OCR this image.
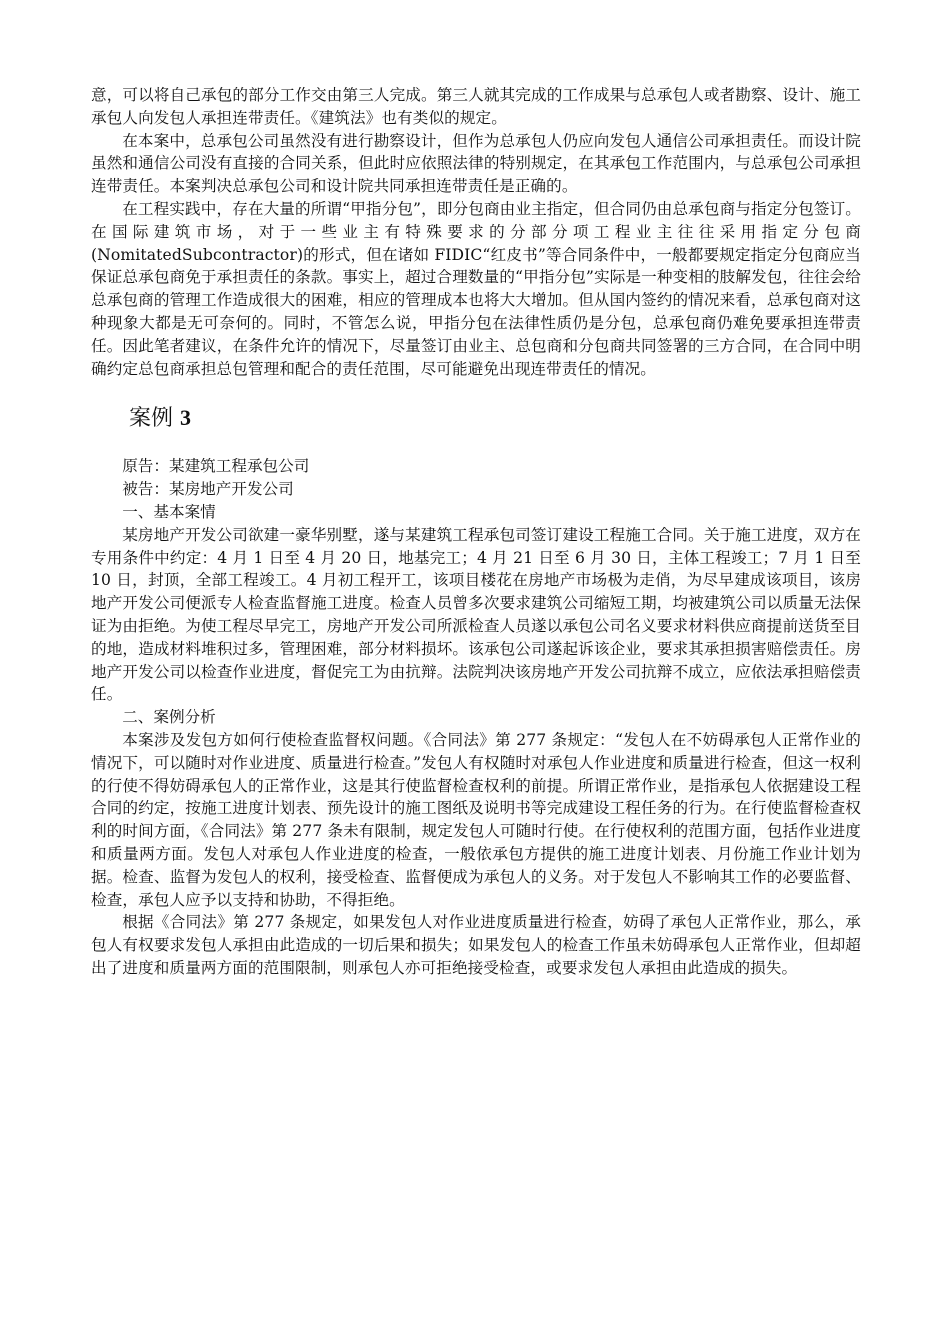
意，可以将自己承包的部分工作交由第三人完成。第三人就其完成的工作成果与总承包人或者勘察、设计、施工承包人向发包人承担连带责任。《建筑法》也有类似的规定。

在本案中，总承包公司虽然没有进行勘察设计，但作为总承包人仍应向发包人通信公司承担责任。而设计院虽然和通信公司没有直接的合同关系，但此时应依照法律的特别规定，在其承包工作范围内，与总承包公司承担连带责任。本案判决总承包公司和设计院共同承担连带责任是正确的。

在工程实践中，存在大量的所谓“甲指分包”，即分包商由业主指定，但合同仍由总承包商与指定分包签订。在国际建筑市场，对于一些业主有特殊要求的分部分项工程业主往往采用指定分包商(NomitatedSubcontractor)的形式，但在诸如 FIDIC“红皮书”等合同条件中，一般都要规定指定分包商应当保证总承包商免于承担责任的条款。事实上，超过合理数量的“甲指分包”实际是一种变相的肢解发包，往往会给总承包商的管理工作造成很大的困难，相应的管理成本也将大大增加。但从国内签约的情况来看，总承包商对这种现象大都是无可奈何的。同时，不管怎么说，甲指分包在法律性质仍是分包，总承包商仍难免要承担连带责任。因此笔者建议，在条件允许的情况下，尽量签订由业主、总包商和分包商共同签署的三方合同，在合同中明确约定总包商承担总包管理和配合的责任范围，尽可能避免出现连带责任的情况。

案例 3

原告：某建筑工程承包公司

被告：某房地产开发公司

一、基本案情

某房地产开发公司欲建一豪华别墅，遂与某建筑工程承包司签订建设工程施工合同。关于施工进度，双方在专用条件中约定：4 月 1 日至 4 月 20 日，地基完工；4 月 21 日至 6 月 30 日，主体工程竣工；7 月 1 日至 10 日，封顶，全部工程竣工。4 月初工程开工，该项目楼花在房地产市场极为走俏，为尽早建成该项目，该房地产开发公司便派专人检查监督施工进度。检查人员曾多次要求建筑公司缩短工期，均被建筑公司以质量无法保证为由拒绝。为使工程尽早完工，房地产开发公司所派检查人员遂以承包公司名义要求材料供应商提前送货至目的地，造成材料堆积过多，管理困难，部分材料损坏。该承包公司遂起诉该企业，要求其承担损害赔偿责任。房地产开发公司以检查作业进度，督促完工为由抗辩。法院判决该房地产开发公司抗辩不成立，应依法承担赔偿责任。

二、案例分析

本案涉及发包方如何行使检查监督权问题。《合同法》第 277 条规定：“发包人在不妨碍承包人正常作业的情况下，可以随时对作业进度、质量进行检查。”发包人有权随时对承包人作业进度和质量进行检查，但这一权利的行使不得妨碍承包人的正常作业，这是其行使监督检查权利的前提。所谓正常作业，是指承包人依据建设工程合同的约定，按施工进度计划表、预先设计的施工图纸及说明书等完成建设工程任务的行为。在行使监督检查权利的时间方面，《合同法》第 277 条未有限制，规定发包人可随时行使。在行使权利的范围方面，包括作业进度和质量两方面。发包人对承包人作业进度的检查，一般依承包方提供的施工进度计划表、月份施工作业计划为据。检查、监督为发包人的权利，接受检查、监督便成为承包人的义务。对于发包人不影响其工作的必要监督、检查，承包人应予以支持和协助，不得拒绝。

根据《合同法》第 277 条规定，如果发包人对作业进度质量进行检查，妨碍了承包人正常作业，那么，承包人有权要求发包人承担由此造成的一切后果和损失；如果发包人的检查工作虽未妨碍承包人正常作业，但却超出了进度和质量两方面的范围限制，则承包人亦可拒绝接受检查，或要求发包人承担由此造成的损失。
